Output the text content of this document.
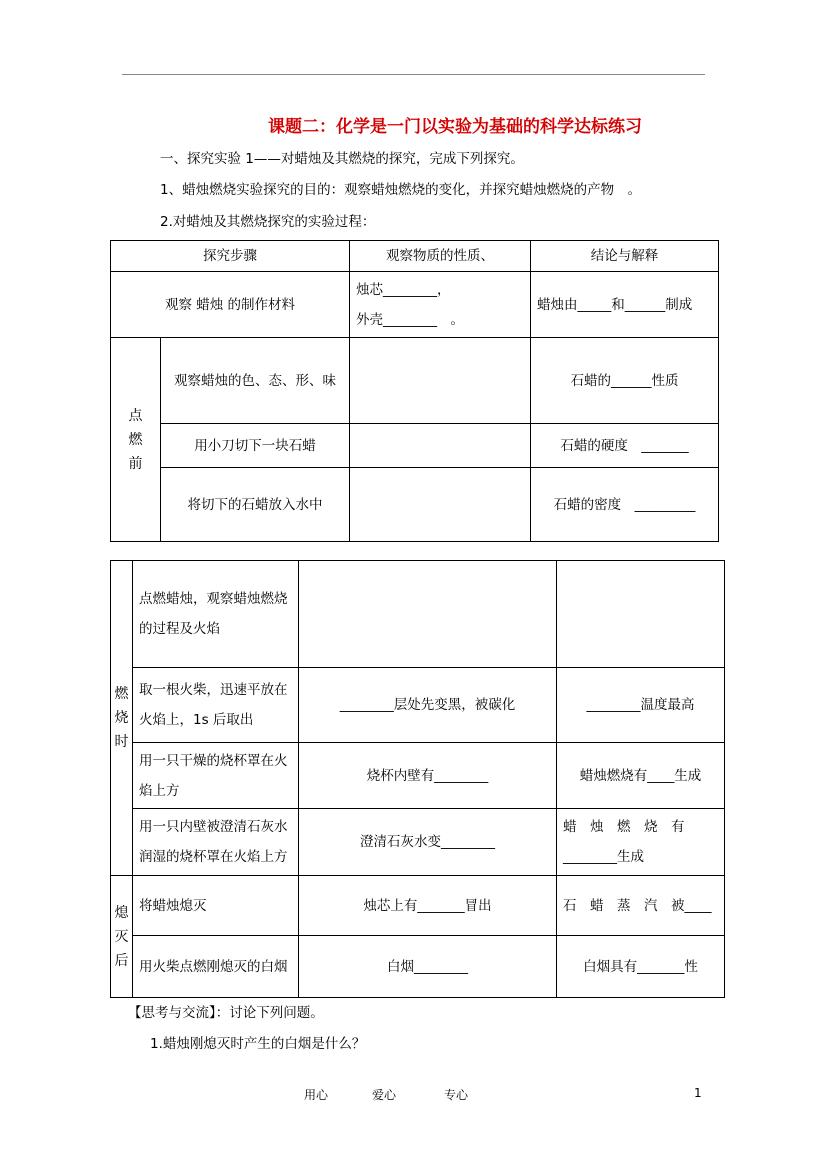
课题二：化学是一门以实验为基础的科学达标练习
一、探究实验 1——对蜡烛及其燃烧的探究，完成下列探究。
1、蜡烛燃烧实验探究的目的：观察蜡烛燃烧的变化，并探究蜡烛燃烧的产物　。
2.对蜡烛及其燃烧探究的实验过程：
探究步骤		观察物质的性质、	结论与解释
观察 蜡烛 的制作材料		烛芯________，
外壳________　。	蜡烛由_____和______制成

点
燃
前	观察蜡烛的色、态、形、味		石蜡的______性质
	用小刀切下一块石蜡		石蜡的硬度　_______
	将切下的石蜡放入水中		石蜡的密度　_________
燃
烧
时	点燃蜡烛，观察蜡烛燃烧的过程及火焰		
	取一根火柴，迅速平放在火焰上，1s 后取出	________层处先变黑，被碳化	________温度最高
	用一只干燥的烧杯罩在火焰上方	烧杯内壁有________	蜡烛燃烧有____生成
	用一只内壁被澄清石灰水润湿的烧杯罩在火焰上方	澄清石灰水变________	蜡　烛　燃　烧　有________生成

熄
灭
后	将蜡烛熄灭	烛芯上有_______冒出	石　蜡　蒸　汽　被____
	用火柴点燃刚熄灭的白烟	白烟________	白烟具有_______性
【思考与交流】：讨论下列问题。
1.蜡烛刚熄灭时产生的白烟是什么？
用心	爱心	专心	1
